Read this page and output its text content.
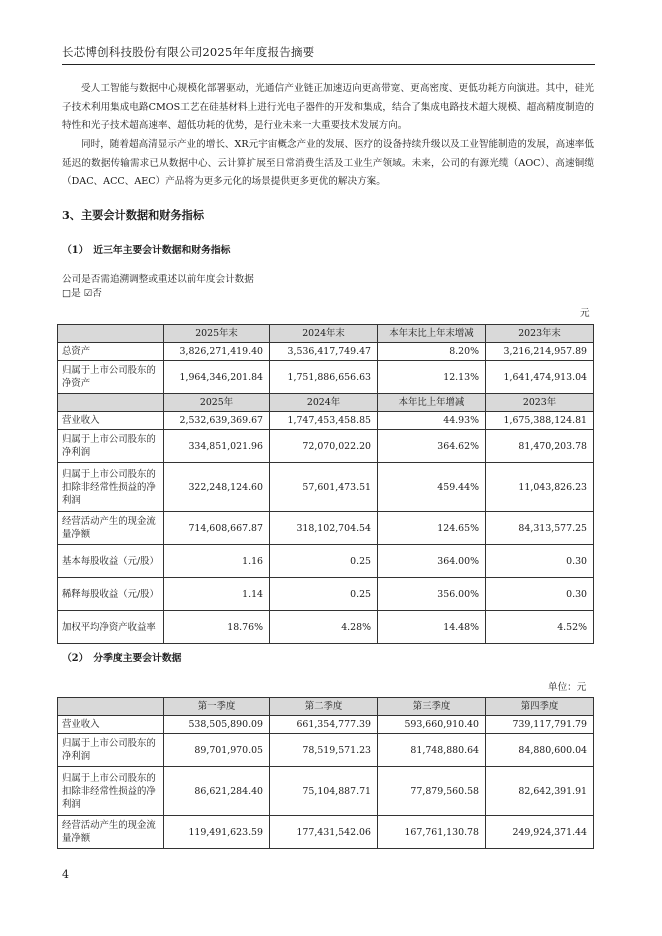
长芯博创科技股份有限公司2025年年度报告摘要

受人工智能与数据中心规模化部署驱动，光通信产业链正加速迈向更高带宽、更高密度、更低功耗方向演进。其中，硅光子技术利用集成电路CMOS工艺在硅基材料上进行光电子器件的开发和集成，结合了集成电路技术超大规模、超高精度制造的特性和光子技术超高速率、超低功耗的优势，是行业未来一大重要技术发展方向。

同时，随着超高清显示产业的增长、XR元宇宙概念产业的发展、医疗的设备持续升级以及工业智能制造的发展，高速率低延迟的数据传输需求已从数据中心、云计算扩展至日常消费生活及工业生产领域。未来，公司的有源光缆（AOC）、高速铜缆（DAC、ACC、AEC）产品将为更多元化的场景提供更多更优的解决方案。

3、主要会计数据和财务指标
（1）　近三年主要会计数据和财务指标
公司是否需追溯调整或重述以前年度会计数据
□是 ☑否
元
	2025年末	2024年末	本年末比上年末增减	2023年末
总资产	3,826,271,419.40	3,536,417,749.47	8.20%	3,216,214,957.89
归属于上市公司股东的净资产	1,964,346,201.84	1,751,886,656.63	12.13%	1,641,474,913.04
	2025年	2024年	本年比上年增减	2023年
营业收入	2,532,639,369.67	1,747,453,458.85	44.93%	1,675,388,124.81
归属于上市公司股东的净利润	334,851,021.96	72,070,022.20	364.62%	81,470,203.78
归属于上市公司股东的扣除非经常性损益的净利润	322,248,124.60	57,601,473.51	459.44%	11,043,826.23
经营活动产生的现金流量净额	714,608,667.87	318,102,704.54	124.65%	84,313,577.25
基本每股收益（元/股）	1.16	0.25	364.00%	0.30
稀释每股收益（元/股）	1.14	0.25	356.00%	0.30
加权平均净资产收益率	18.76%	4.28%	14.48%	4.52%
（2）　分季度主要会计数据
单位：元
	第一季度	第二季度	第三季度	第四季度
营业收入	538,505,890.09	661,354,777.39	593,660,910.40	739,117,791.79
归属于上市公司股东的净利润	89,701,970.05	78,519,571.23	81,748,880.64	84,880,600.04
归属于上市公司股东的扣除非经常性损益的净利润	86,621,284.40	75,104,887.71	77,879,560.58	82,642,391.91
经营活动产生的现金流量净额	119,491,623.59	177,431,542.06	167,761,130.78	249,924,371.44
4
